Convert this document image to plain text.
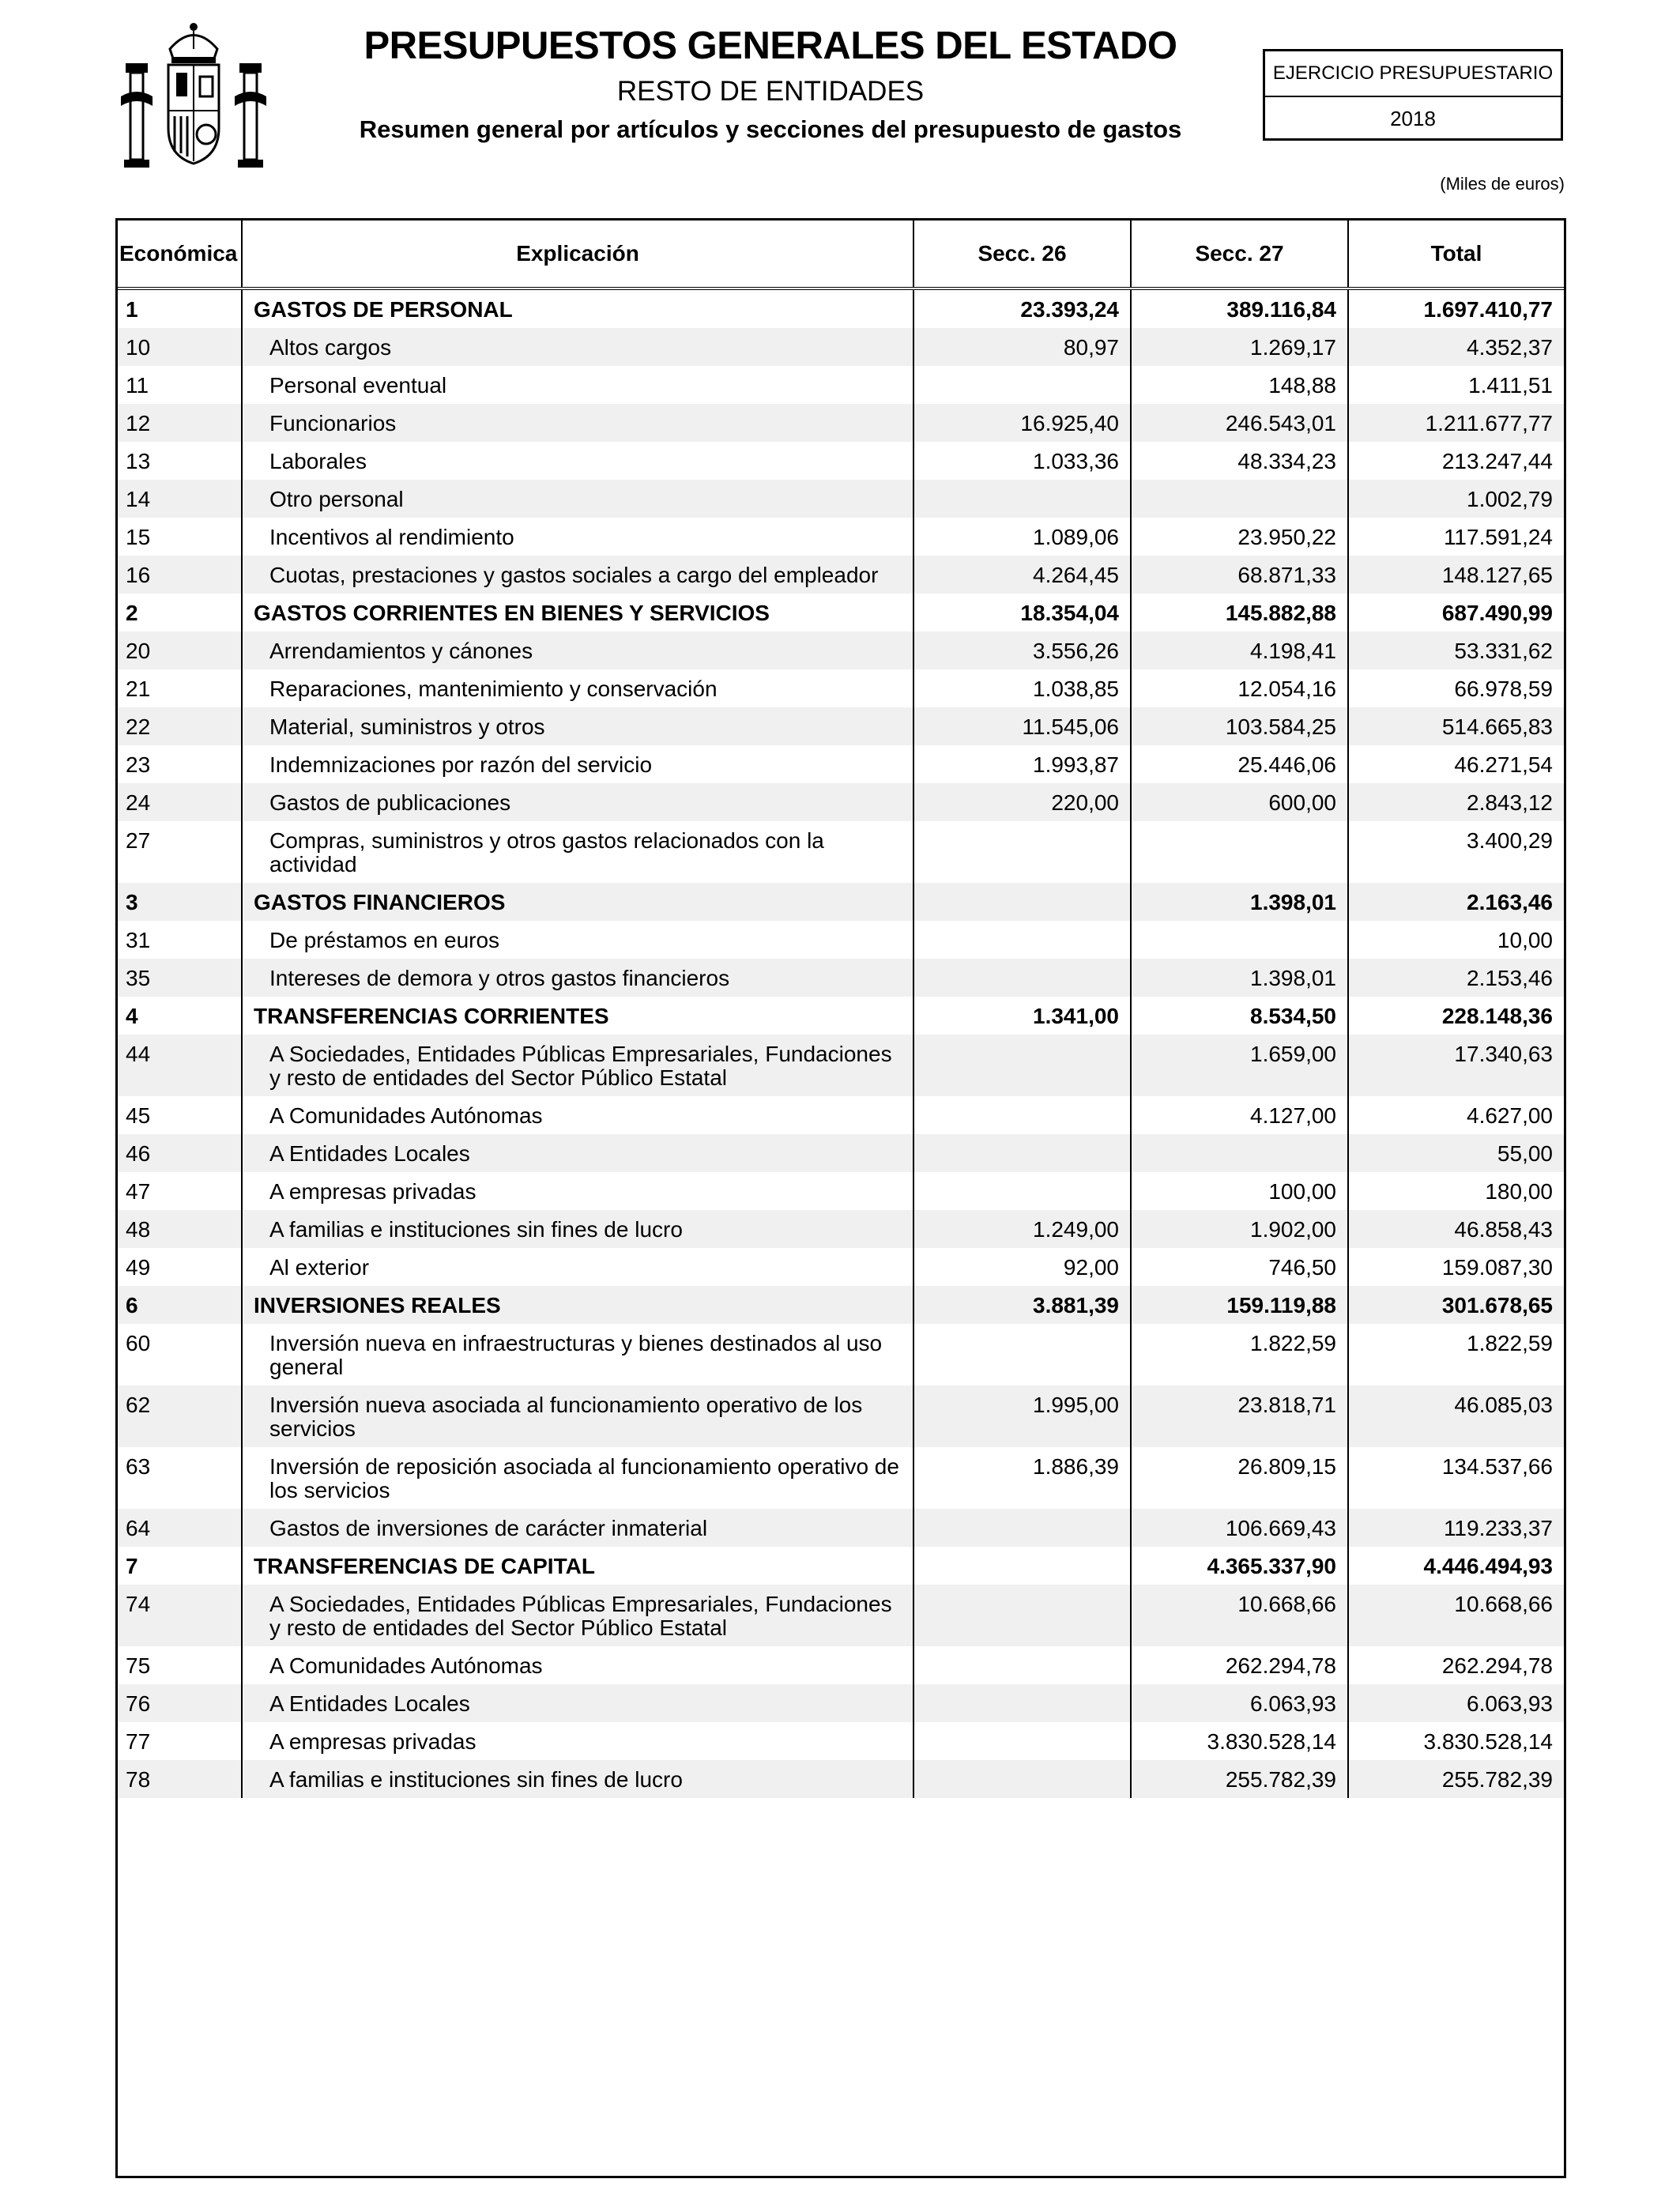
PRESUPUESTOS GENERALES DEL ESTADO
RESTO DE ENTIDADES
Resumen general por artículos y secciones del presupuesto de gastos
EJERCICIO PRESUPUESTARIO
2018
(Miles de euros)
Económica	Explicación	Secc. 26	Secc. 27	Total
1	GASTOS DE PERSONAL	23.393,24	389.116,84	1.697.410,77
10	Altos cargos	80,97	1.269,17	4.352,37
11	Personal eventual		148,88	1.411,51
12	Funcionarios	16.925,40	246.543,01	1.211.677,77
13	Laborales	1.033,36	48.334,23	213.247,44
14	Otro personal			1.002,79
15	Incentivos al rendimiento	1.089,06	23.950,22	117.591,24
16	Cuotas, prestaciones y gastos sociales a cargo del empleador	4.264,45	68.871,33	148.127,65
2	GASTOS CORRIENTES EN BIENES Y SERVICIOS	18.354,04	145.882,88	687.490,99
20	Arrendamientos y cánones	3.556,26	4.198,41	53.331,62
21	Reparaciones, mantenimiento y conservación	1.038,85	12.054,16	66.978,59
22	Material, suministros y otros	11.545,06	103.584,25	514.665,83
23	Indemnizaciones por razón del servicio	1.993,87	25.446,06	46.271,54
24	Gastos de publicaciones	220,00	600,00	2.843,12
27	Compras, suministros y otros gastos relacionados con la actividad			3.400,29
3	GASTOS FINANCIEROS		1.398,01	2.163,46
31	De préstamos en euros			10,00
35	Intereses de demora y otros gastos financieros		1.398,01	2.153,46
4	TRANSFERENCIAS CORRIENTES	1.341,00	8.534,50	228.148,36
44	A Sociedades, Entidades Públicas Empresariales, Fundaciones y resto de entidades del Sector Público Estatal		1.659,00	17.340,63
45	A Comunidades Autónomas		4.127,00	4.627,00
46	A Entidades Locales			55,00
47	A empresas privadas		100,00	180,00
48	A familias e instituciones sin fines de lucro	1.249,00	1.902,00	46.858,43
49	Al exterior	92,00	746,50	159.087,30
6	INVERSIONES REALES	3.881,39	159.119,88	301.678,65
60	Inversión nueva en infraestructuras y bienes destinados al uso general		1.822,59	1.822,59
62	Inversión nueva asociada al funcionamiento operativo de los servicios	1.995,00	23.818,71	46.085,03
63	Inversión de reposición asociada al funcionamiento operativo de los servicios	1.886,39	26.809,15	134.537,66
64	Gastos de inversiones de carácter inmaterial		106.669,43	119.233,37
7	TRANSFERENCIAS DE CAPITAL		4.365.337,90	4.446.494,93
74	A Sociedades, Entidades Públicas Empresariales, Fundaciones y resto de entidades del Sector Público Estatal		10.668,66	10.668,66
75	A Comunidades Autónomas		262.294,78	262.294,78
76	A Entidades Locales		6.063,93	6.063,93
77	A empresas privadas		3.830.528,14	3.830.528,14
78	A familias e instituciones sin fines de lucro		255.782,39	255.782,39
